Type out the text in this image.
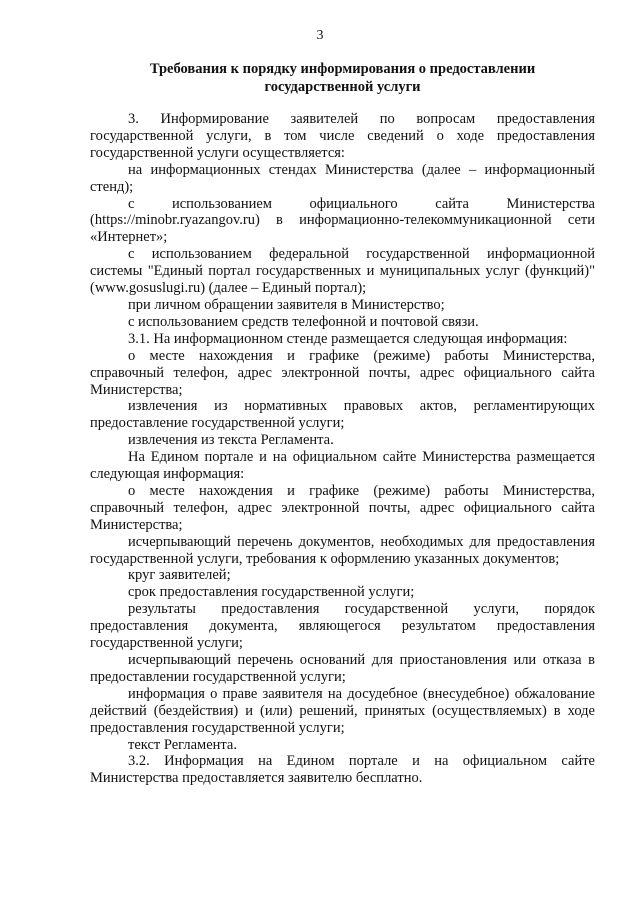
3
Требования к порядку информирования о предоставлении
государственной услуги

3. Информирование заявителей по вопросам предоставления государственной услуги, в том числе сведений о ходе предоставления государственной услуги осуществляется:

на информационных стендах Министерства (далее – информационный стенд);

с использованием официального сайта Министерства (https://minobr.ryazangov.ru) в информационно-телекоммуникационной сети «Интернет»;

с использованием федеральной государственной информационной системы "Единый портал государственных и муниципальных услуг (функций)" (www.gosuslugi.ru) (далее – Единый портал);

при личном обращении заявителя в Министерство;

с использованием средств телефонной и почтовой связи.

3.1. На информационном стенде размещается следующая информация:

о месте нахождения и графике (режиме) работы Министерства, справочный телефон, адрес электронной почты, адрес официального сайта Министерства;

извлечения из нормативных правовых актов, регламентирующих предоставление государственной услуги;

извлечения из текста Регламента.

На Едином портале и на официальном сайте Министерства размещается следующая информация:

о месте нахождения и графике (режиме) работы Министерства, справочный телефон, адрес электронной почты, адрес официального сайта Министерства;

исчерпывающий перечень документов, необходимых для предоставления государственной услуги, требования к оформлению указанных документов;

круг заявителей;

срок предоставления государственной услуги;

результаты предоставления государственной услуги, порядок предоставления документа, являющегося результатом предоставления государственной услуги;

исчерпывающий перечень оснований для приостановления или отказа в предоставлении государственной услуги;

информация о праве заявителя на досудебное (внесудебное) обжалование действий (бездействия) и (или) решений, принятых (осуществляемых) в ходе предоставления государственной услуги;

текст Регламента.

3.2. Информация на Едином портале и на официальном сайте Министерства предоставляется заявителю бесплатно.
